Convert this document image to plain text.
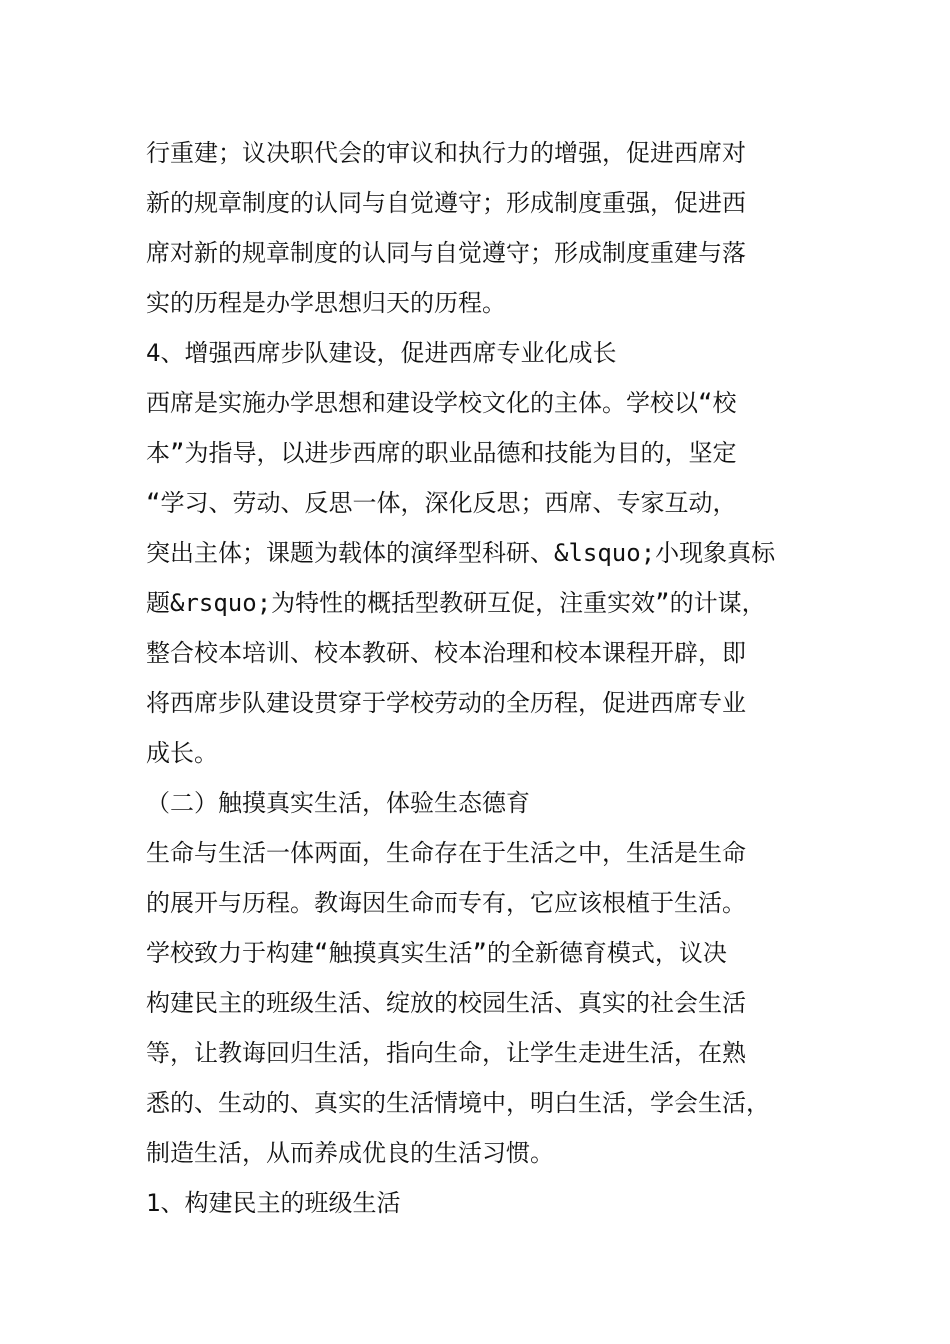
行重建；议决职代会的审议和执行力的增强，促进西席对
新的规章制度的认同与自觉遵守；形成制度重强，促进西
席对新的规章制度的认同与自觉遵守；形成制度重建与落
实的历程是办学思想归天的历程。
4、增强西席步队建设，促进西席专业化成长
西席是实施办学思想和建设学校文化的主体。学校以“校
本”为指导，以进步西席的职业品德和技能为目的，坚定
“学习、劳动、反思一体，深化反思；西席、专家互动，
突出主体；课题为载体的演绎型科研、&lsquo;小现象真标
题&rsquo;为特性的概括型教研互促，注重实效”的计谋，
整合校本培训、校本教研、校本治理和校本课程开辟，即
将西席步队建设贯穿于学校劳动的全历程，促进西席专业
成长。
（二）触摸真实生活，体验生态德育
生命与生活一体两面，生命存在于生活之中，生活是生命
的展开与历程。教诲因生命而专有，它应该根植于生活。
学校致力于构建“触摸真实生活”的全新德育模式，议决
构建民主的班级生活、绽放的校园生活、真实的社会生活
等，让教诲回归生活，指向生命，让学生走进生活，在熟
悉的、生动的、真实的生活情境中，明白生活，学会生活，
制造生活，从而养成优良的生活习惯。
1、构建民主的班级生活
